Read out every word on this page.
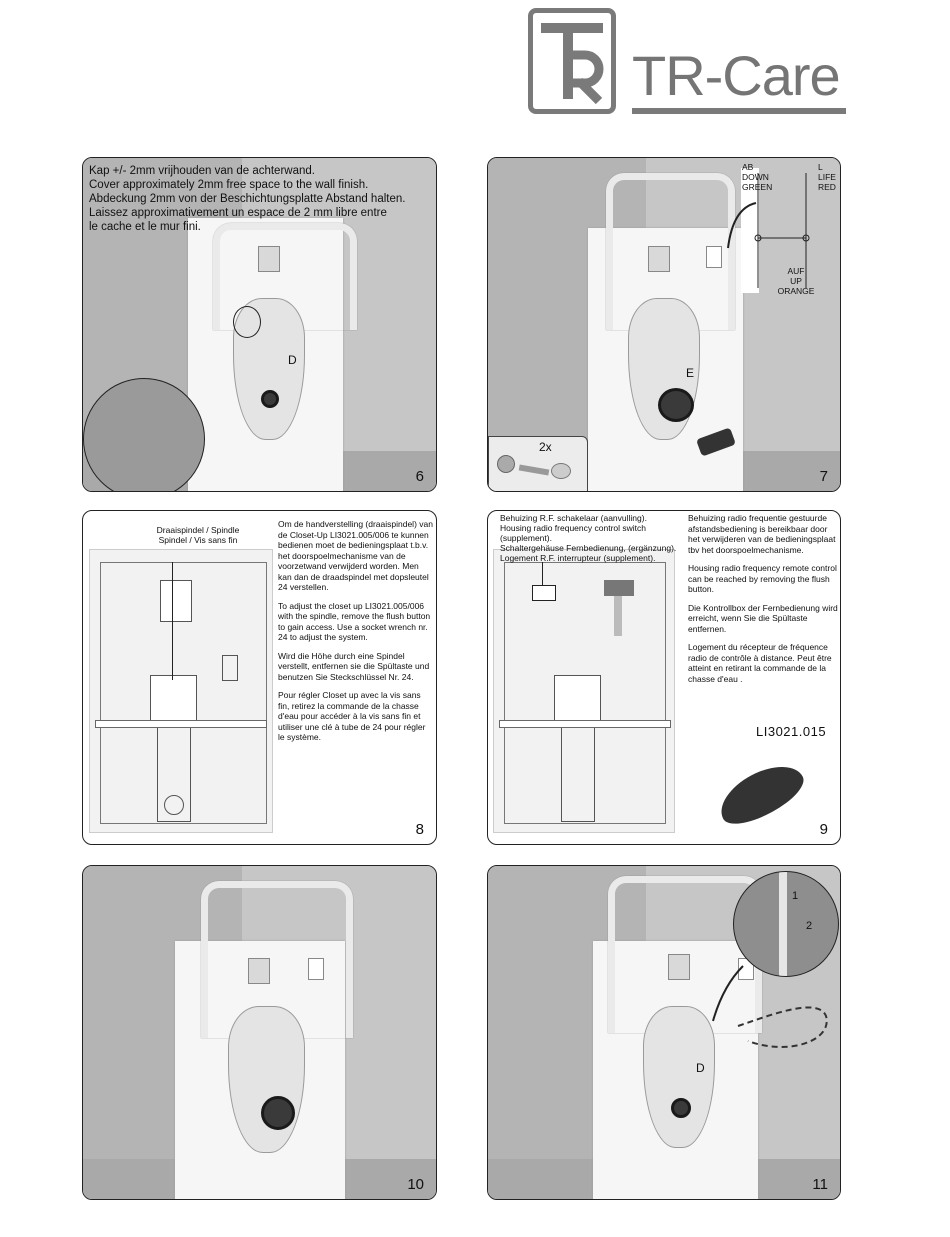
TR-Care
D
Kap +/- 2mm vrijhouden van de achterwand.
Cover approximately 2mm free space to the wall finish.
Abdeckung 2mm von der Beschichtungsplatte Abstand halten.
Laissez approximativement un espace de 2 mm libre entre
le cache et le mur fini.
6
E
2x
AB
DOWN
GREEN
L
LIFE
RED
AUF
UP
ORANGE
7
Draaispindel / Spindle
Spindel / Vis sans fin

Om de handverstelling (draaispindel) van de Closet-Up LI3021.005/006 te kunnen bedienen moet de bedieningsplaat t.b.v. het doorspoelmechanisme van de voorzetwand verwijderd worden. Men kan dan de draadspindel met dopsleutel 24 verstellen.

To adjust the closet up LI3021.005/006 with the spindle, remove the flush button to gain access. Use a socket wrench nr. 24 to adjust the system.

Wird die Höhe durch eine Spindel verstellt, entfernen sie die Spültaste und benutzen Sie Steckschlüssel Nr. 24.

Pour régler Closet up avec la vis sans fin, retirez la commande de la chasse d'eau pour accéder à la vis sans fin et utiliser une clé à tube de 24 pour régler le système.

8
Behuizing R.F. schakelaar (aanvulling).
Housing radio frequency control switch (supplement).
Schaltergehäuse Fernbedienung, (ergänzung).
Logement R.F. interrupteur (supplement).

Behuizing radio frequentie gestuurde afstandsbediening is bereikbaar door het verwijderen van de bedieningsplaat tbv het doorspoelmechanisme.

Housing radio frequency remote control can be reached by removing the flush button.

Die Kontrollbox der Fernbedienung wird erreicht, wenn Sie die Spültaste entfernen.

Logement du récepteur de fréquence radio de contrôle à distance. Peut être atteint en retirant la commande de la chasse d'eau .

LI3021.015
9
10
D
1
2
11
